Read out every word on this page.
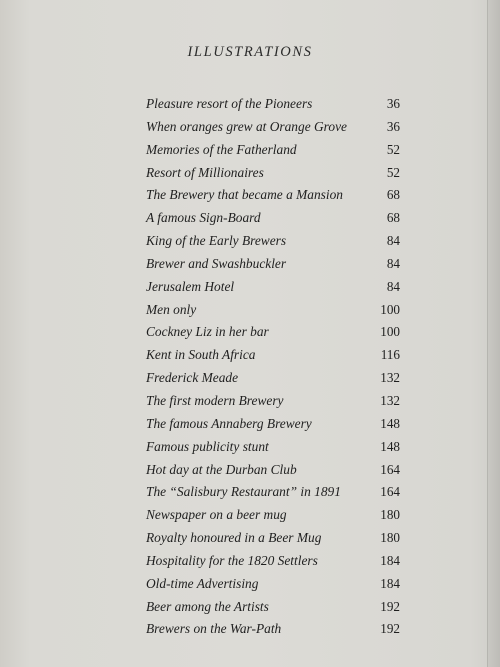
ILLUSTRATIONS
Pleasure resort of the Pioneers	36
When oranges grew at Orange Grove	36
Memories of the Fatherland	52
Resort of Millionaires	52
The Brewery that became a Mansion	68
A famous Sign-Board	68
King of the Early Brewers	84
Brewer and Swashbuckler	84
Jerusalem Hotel	84
Men only	100
Cockney Liz in her bar	100
Kent in South Africa	116
Frederick Meade	132
The first modern Brewery	132
The famous Annaberg Brewery	148
Famous publicity stunt	148
Hot day at the Durban Club	164
The “Salisbury Restaurant” in 1891	164
Newspaper on a beer mug	180
Royalty honoured in a Beer Mug	180
Hospitality for the 1820 Settlers	184
Old-time Advertising	184
Beer among the Artists	192
Brewers on the War-Path	192
